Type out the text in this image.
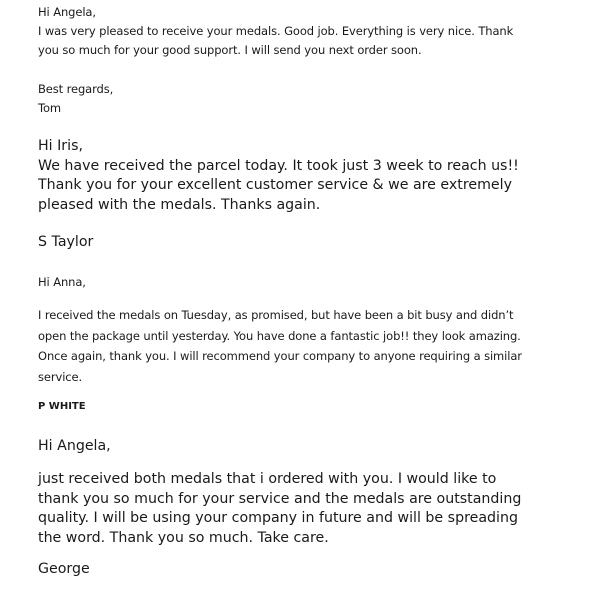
Hi Angela,
I was very pleased to receive your medals. Good job. Everything is very nice. Thank
you so much for your good support. I will send you next order soon.
Best regards,
Tom
Hi Iris,
We have received the parcel today. It took just 3 week to reach us!!
Thank you for your excellent customer service & we are extremely
pleased with the medals. Thanks again.
S Taylor
Hi Anna,
I received the medals on Tuesday, as promised, but have been a bit busy and didn’t
open the package until yesterday. You have done a fantastic job!! they look amazing.
Once again, thank you. I will recommend your company to anyone requiring a similar
service.
P WHITE
Hi Angela,
just received both medals that i ordered with you. I would like to
thank you so much for your service and the medals are outstanding
quality. I will be using your company in future and will be spreading
the word. Thank you so much. Take care.
George
